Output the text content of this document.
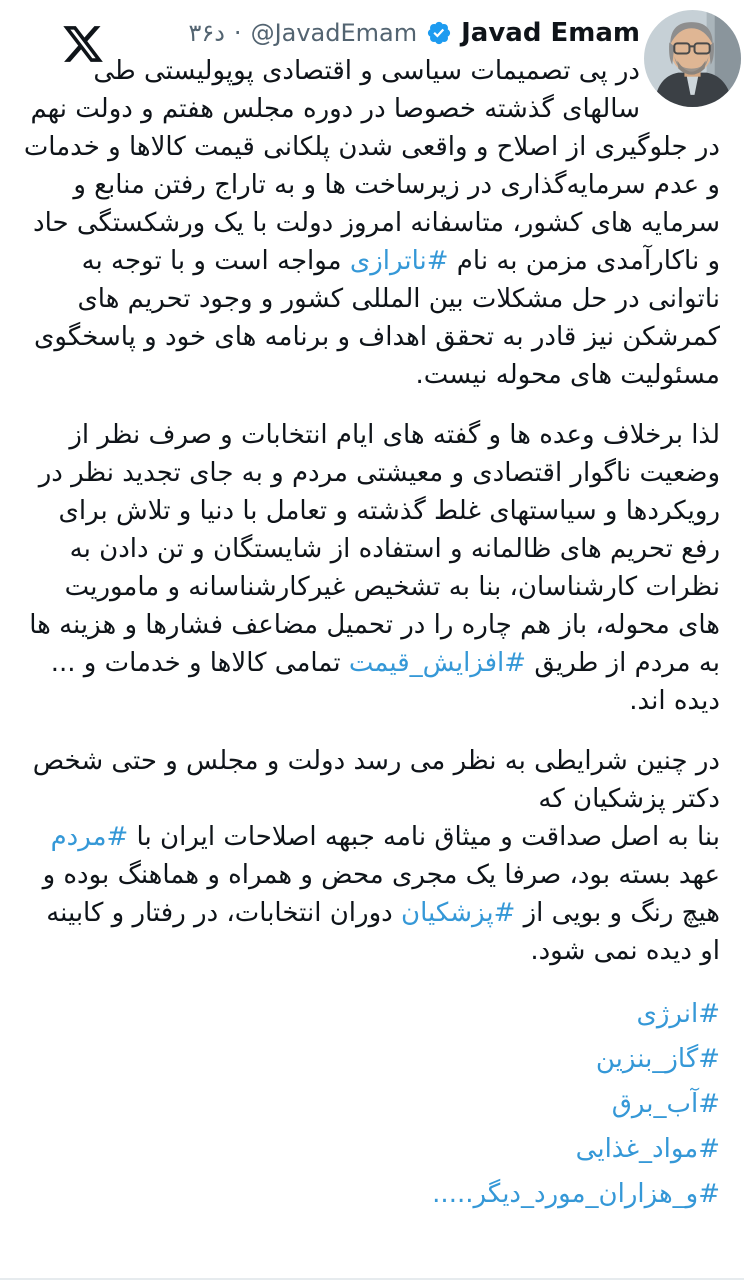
Javad Emam
@JavadEmam
·
۳۶د
در پی تصمیمات سیاسی و اقتصادی پوپولیستی طی سالهای گذشته خصوصا در دوره مجلس هفتم و دولت نهم در جلوگیری از اصلاح و واقعی شدن پلکانی قیمت کالاها و خدمات و عدم سرمایه‌گذاری در زیرساخت ها و به تاراج رفتن منابع و سرمایه های کشور، متاسفانه امروز دولت با یک ورشکستگی حاد و ناکارآمدی مزمن به نام #ناترازی مواجه است و با توجه به ناتوانی در حل مشکلات بین المللی کشور و وجود تحریم های کمرشکن نیز قادر به تحقق اهداف و برنامه های خود و پاسخگوی مسئولیت های محوله نیست.
لذا برخلاف وعده ها و گفته های ایام انتخابات و صرف نظر از وضعیت ناگوار اقتصادی و معیشتی مردم و به جای تجدید نظر در رویکردها و سیاستهای غلط گذشته و تعامل با دنیا و تلاش برای رفع تحریم های ظالمانه و استفاده از شایستگان و تن دادن به نظرات کارشناسان، بنا به تشخیص غیرکارشناسانه و ماموریت های محوله، باز هم چاره را در تحمیل مضاعف فشارها و هزینه ها به مردم از طریق #افزایش_قیمت تمامی کالاها و خدمات و ... دیده اند.
در چنین شرایطی به نظر می رسد دولت و مجلس و حتی شخص دکتر پزشکیان که
بنا به اصل صداقت و میثاق نامه جبهه اصلاحات ایران با #مردم عهد بسته بود، صرفا یک مجری محض و همراه و هماهنگ بوده و هیچ رنگ و بویی از #پزشکیان دوران انتخابات، در رفتار و کابینه او دیده نمی شود.
#انرژی
#گاز_بنزین
#آب_برق
#مواد_غذایی
#و_هزاران_مورد_دیگر.....
